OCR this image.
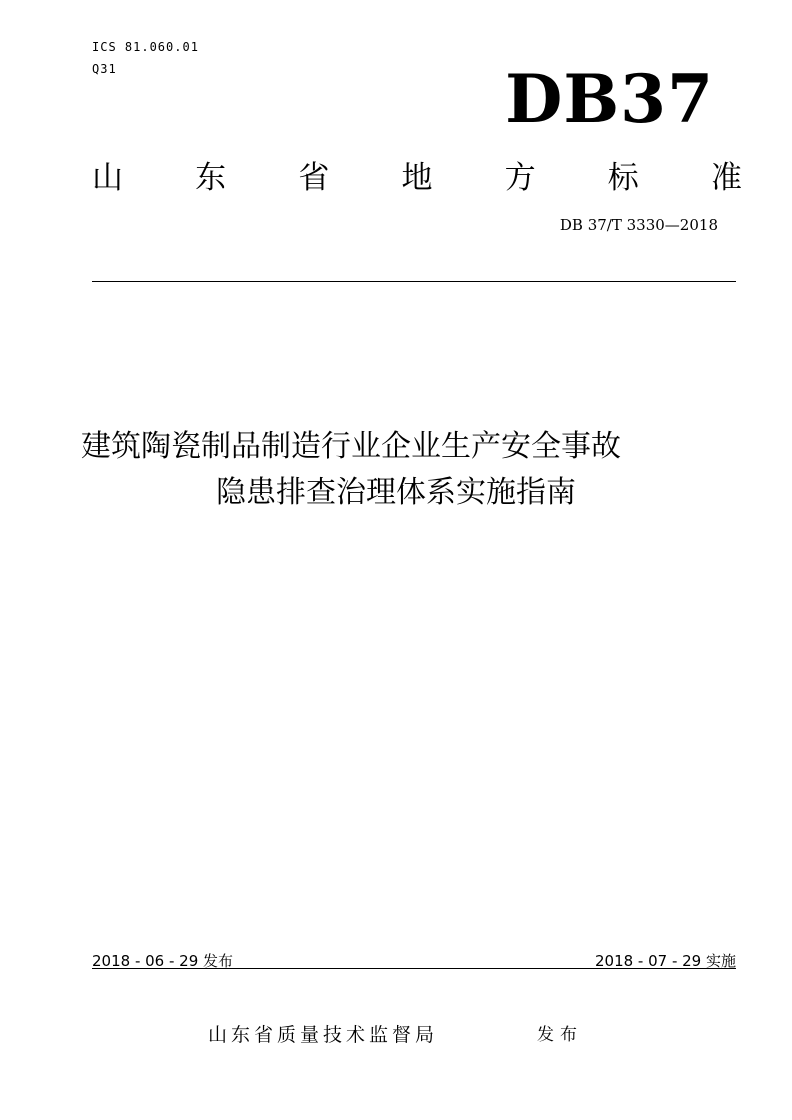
ICS 81.060.01
Q31	DB37
山 东 省 地 方 标 准
DB 37/T 3330—2018
建筑陶瓷制品制造行业企业生产安全事故
隐患排查治理体系实施指南
2018 - 06 - 29 发布	2018 - 07 - 29 实施
山东省质量技术监督局	发布
